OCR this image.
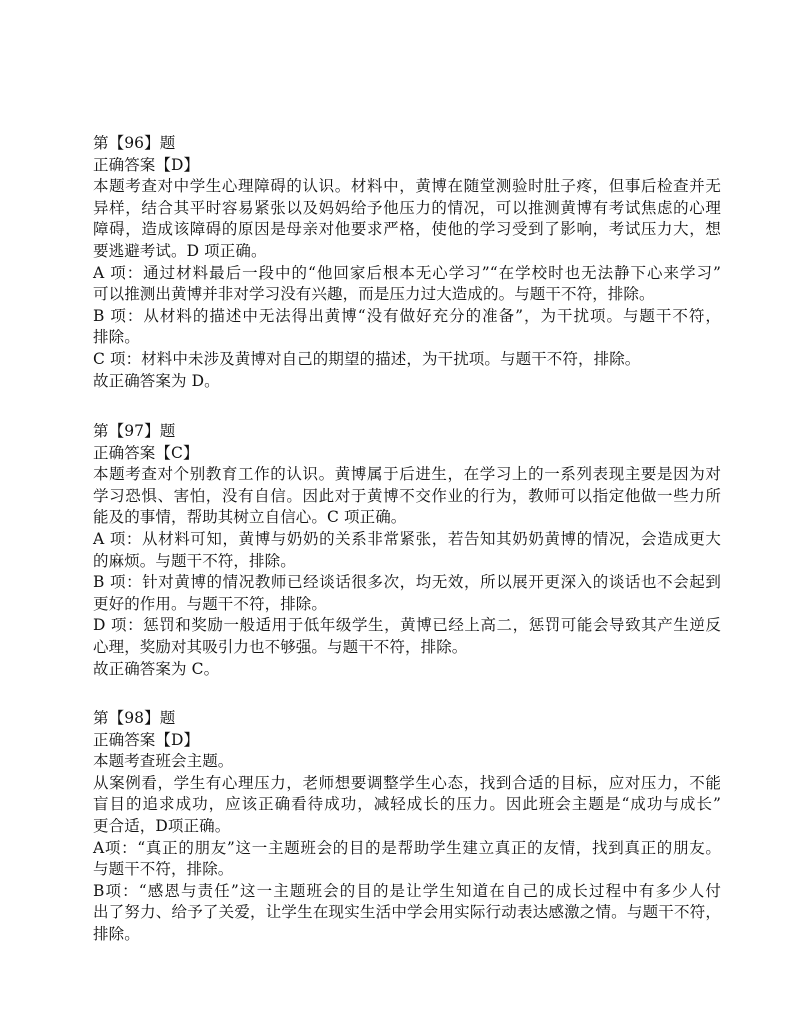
第【96】题
正确答案【D】
本题考查对中学生心理障碍的认识。材料中，黄博在随堂测验时肚子疼，但事后检查并无
异样，结合其平时容易紧张以及妈妈给予他压力的情况，可以推测黄博有考试焦虑的心理
障碍，造成该障碍的原因是母亲对他要求严格，使他的学习受到了影响，考试压力大，想
要逃避考试。D 项正确。
A 项：通过材料最后一段中的“他回家后根本无心学习”“在学校时也无法静下心来学习”
可以推测出黄博并非对学习没有兴趣，而是压力过大造成的。与题干不符，排除。
B 项：从材料的描述中无法得出黄博“没有做好充分的准备”，为干扰项。与题干不符，
排除。
C 项：材料中未涉及黄博对自己的期望的描述，为干扰项。与题干不符，排除。
故正确答案为 D。
第【97】题
正确答案【C】
本题考查对个别教育工作的认识。黄博属于后进生，在学习上的一系列表现主要是因为对
学习恐惧、害怕，没有自信。因此对于黄博不交作业的行为，教师可以指定他做一些力所
能及的事情，帮助其树立自信心。C 项正确。
A 项：从材料可知，黄博与奶奶的关系非常紧张，若告知其奶奶黄博的情况，会造成更大
的麻烦。与题干不符，排除。
B 项：针对黄博的情况教师已经谈话很多次，均无效，所以展开更深入的谈话也不会起到
更好的作用。与题干不符，排除。
D 项：惩罚和奖励一般适用于低年级学生，黄博已经上高二，惩罚可能会导致其产生逆反
心理，奖励对其吸引力也不够强。与题干不符，排除。
故正确答案为 C。
第【98】题
正确答案【D】
本题考查班会主题。
从案例看，学生有心理压力，老师想要调整学生心态，找到合适的目标，应对压力，不能
盲目的追求成功，应该正确看待成功，减轻成长的压力。因此班会主题是“成功与成长”
更合适，D项正确。
A项：“真正的朋友”这一主题班会的目的是帮助学生建立真正的友情，找到真正的朋友。
与题干不符，排除。
B项：“感恩与责任”这一主题班会的目的是让学生知道在自己的成长过程中有多少人付
出了努力、给予了关爱，让学生在现实生活中学会用实际行动表达感激之情。与题干不符，
排除。
